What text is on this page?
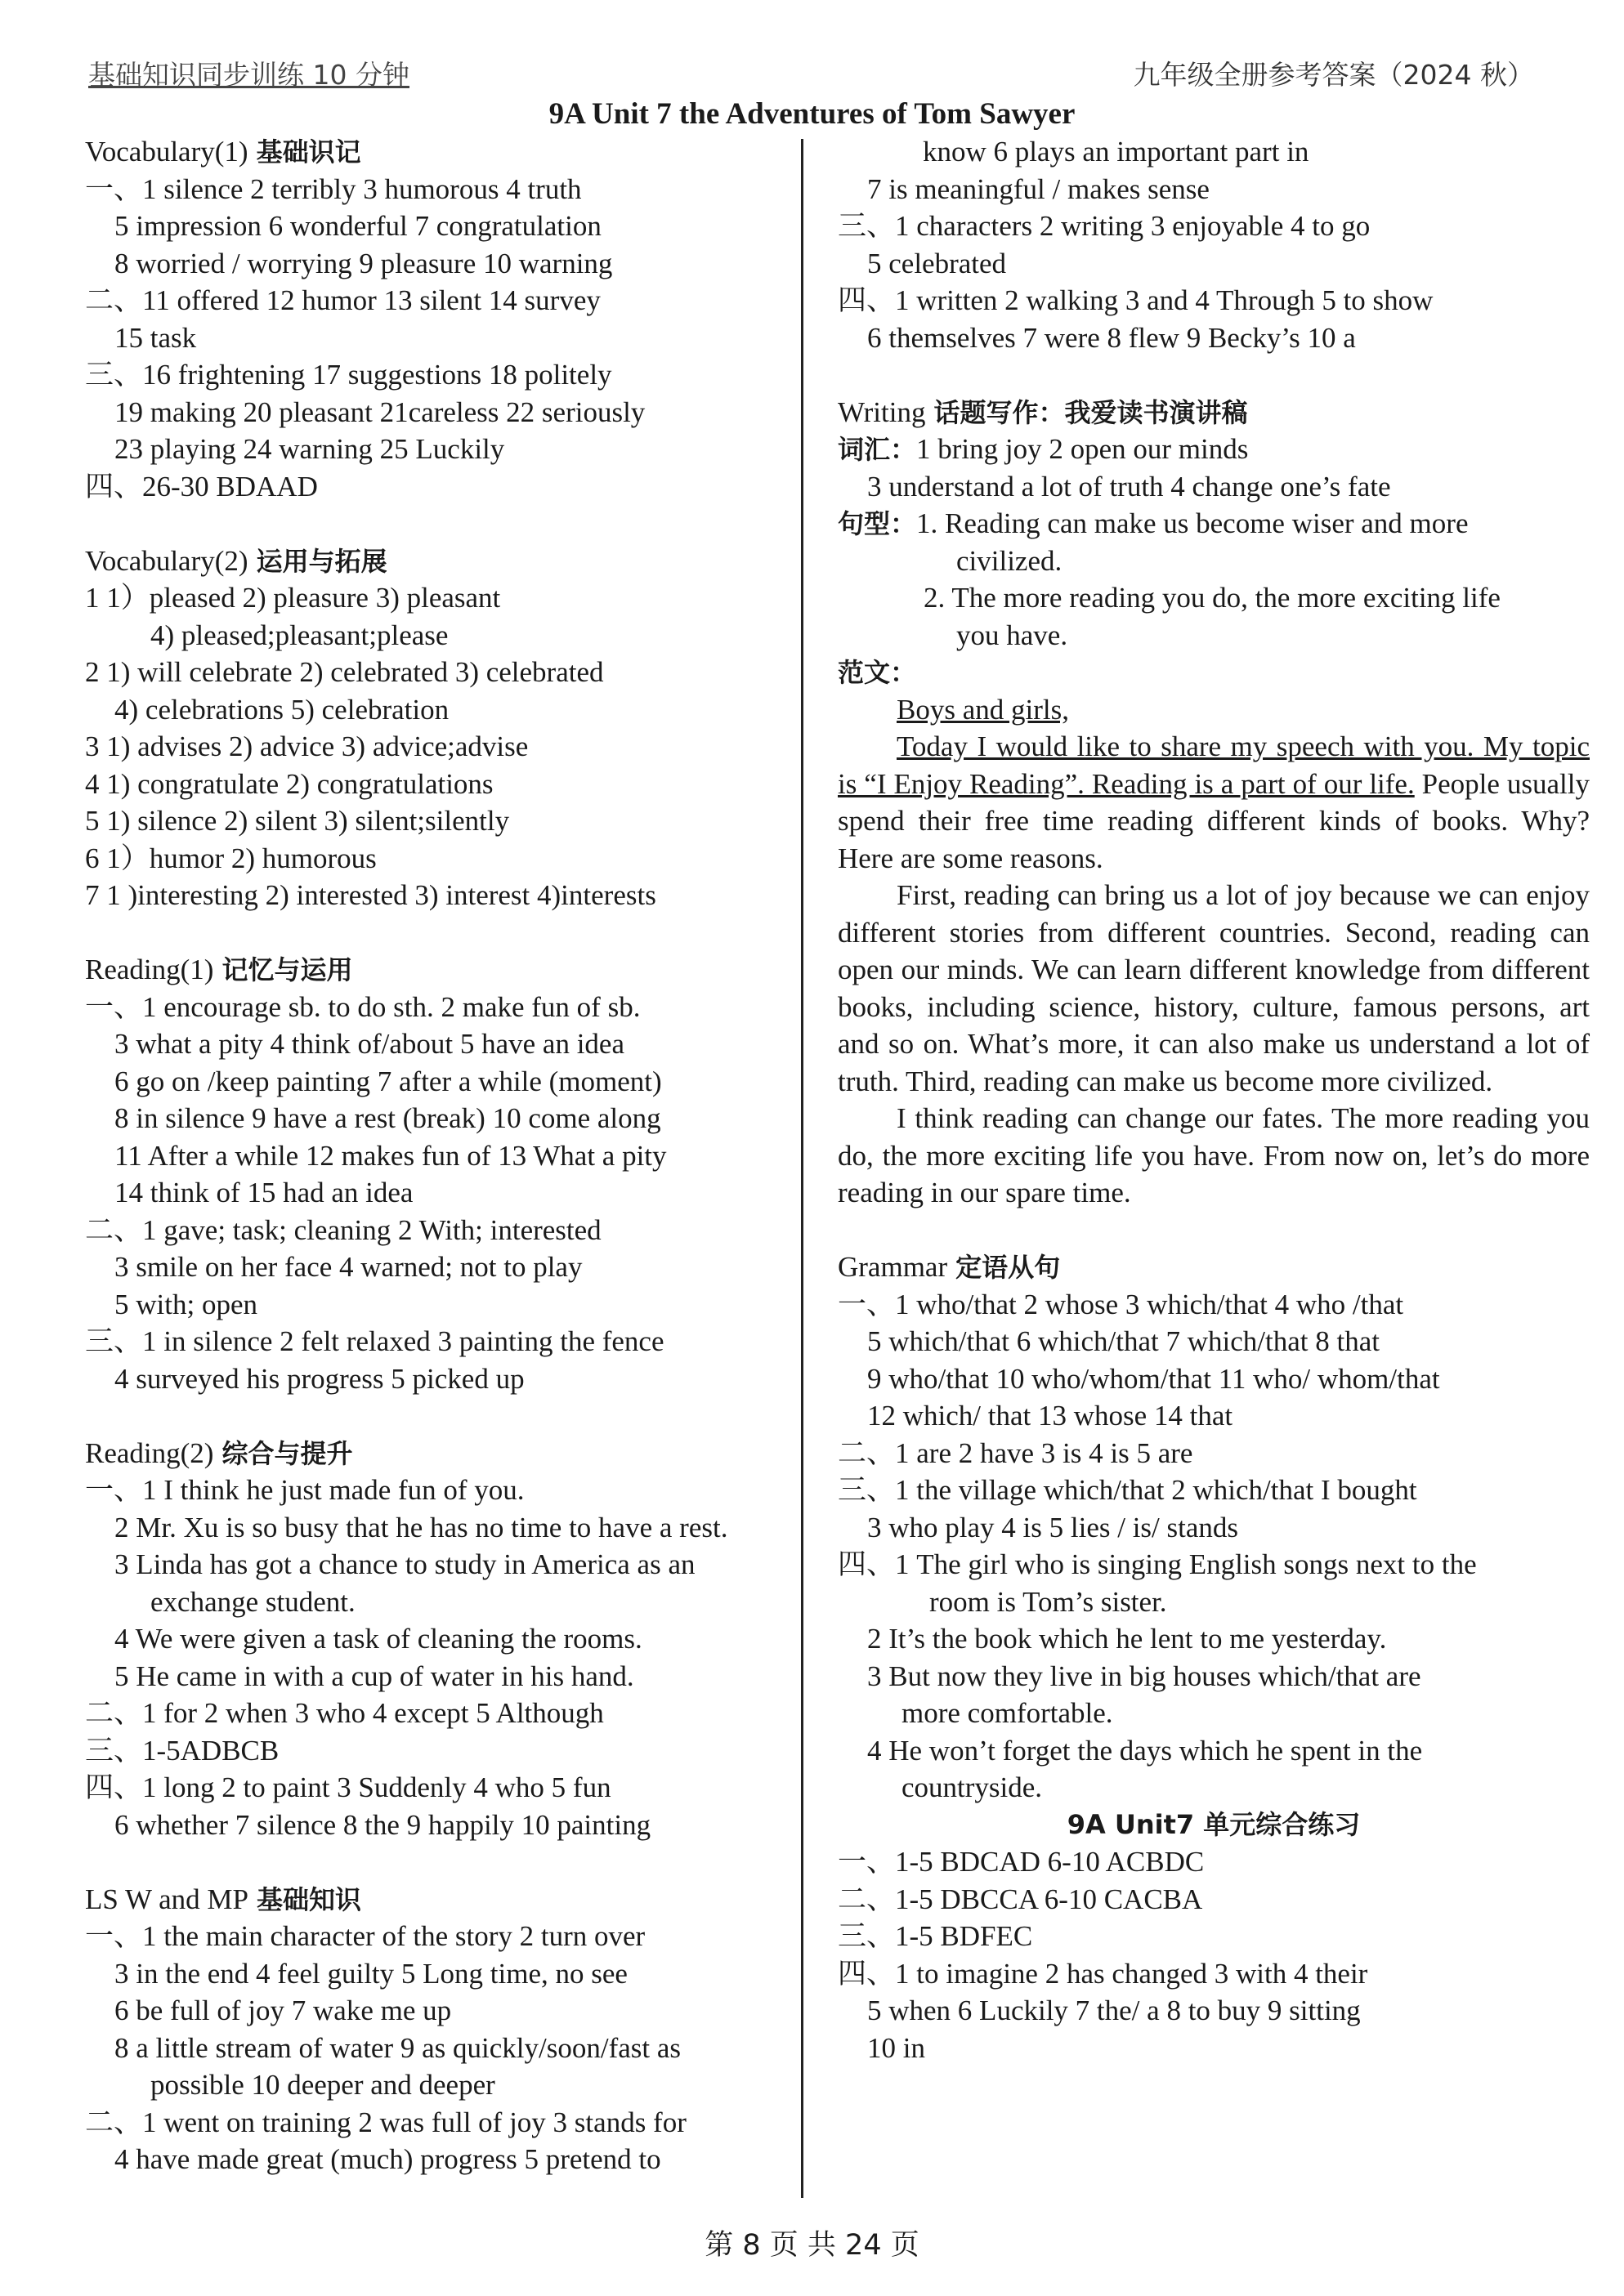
基础知识同步训练 10 分钟	九年级全册参考答案（2024 秋）
9A Unit 7 the Adventures of Tom Sawyer
Vocabulary(1) 基础识记
一、1 silence 2 terribly 3 humorous 4 truth
5 impression 6 wonderful 7 congratulation
8 worried / worrying 9 pleasure 10 warning
二、11 offered 12 humor 13 silent 14 survey
15 task
三、16 frightening 17 suggestions 18 politely
19 making 20 pleasant 21careless 22 seriously
23 playing 24 warning 25 Luckily
四、26-30 BDAAD
Vocabulary(2) 运用与拓展
1 1）pleased 2) pleasure 3) pleasant
4) pleased;pleasant;please
2 1) will celebrate 2) celebrated 3) celebrated
4) celebrations 5) celebration
3 1) advises 2) advice 3) advice;advise
4 1) congratulate 2) congratulations
5 1) silence 2) silent 3) silent;silently
6 1）humor 2) humorous
7 1 )interesting 2) interested 3) interest 4)interests
Reading(1) 记忆与运用
一、1 encourage sb. to do sth. 2 make fun of sb.
3 what a pity 4 think of/about 5 have an idea
6 go on /keep painting 7 after a while (moment)
8 in silence 9 have a rest (break) 10 come along
11 After a while 12 makes fun of 13 What a pity
14 think of 15 had an idea
二、1 gave; task; cleaning 2 With; interested
3 smile on her face 4 warned; not to play
5 with; open
三、1 in silence 2 felt relaxed 3 painting the fence
4 surveyed his progress 5 picked up
Reading(2) 综合与提升
一、1 I think he just made fun of you.
2 Mr. Xu is so busy that he has no time to have a rest.
3 Linda has got a chance to study in America as an
exchange student.
4 We were given a task of cleaning the rooms.
5 He came in with a cup of water in his hand.
二、1 for 2 when 3 who 4 except 5 Although
三、1-5ADBCB
四、1 long 2 to paint 3 Suddenly 4 who 5 fun
6 whether 7 silence 8 the 9 happily 10 painting
LS W and MP 基础知识
一、1 the main character of the story 2 turn over
3 in the end 4 feel guilty 5 Long time, no see
6 be full of joy 7 wake me up
8 a little stream of water 9 as quickly/soon/fast as
possible 10 deeper and deeper
二、1 went on training 2 was full of joy 3 stands for
4 have made great (much) progress 5 pretend to
know 6 plays an important part in
7 is meaningful / makes sense
三、1 characters 2 writing 3 enjoyable 4 to go
5 celebrated
四、1 written 2 walking 3 and 4 Through 5 to show
6 themselves 7 were 8 flew 9 Becky’s 10 a
Writing 话题写作：我爱读书演讲稿
词汇：1 bring joy 2 open our minds
3 understand a lot of truth 4 change one’s fate
句型：1. Reading can make us become wiser and more
civilized.
2. The more reading you do, the more exciting life
you have.
范文：
Boys and girls,
Today I would like to share my speech with you. My topic is “I Enjoy Reading”. Reading is a part of our life. People usually spend their free time reading different kinds of books. Why? Here are some reasons.
First, reading can bring us a lot of joy because we can enjoy different stories from different countries. Second, reading can open our minds. We can learn different knowledge from different books, including science, history, culture, famous persons, art and so on. What’s more, it can also make us understand a lot of truth. Third, reading can make us become more civilized.
I think reading can change our fates. The more reading you do, the more exciting life you have. From now on, let’s do more reading in our spare time.
Grammar 定语从句
一、1 who/that 2 whose 3 which/that 4 who /that
5 which/that 6 which/that 7 which/that 8 that
9 who/that 10 who/whom/that 11 who/ whom/that
12 which/ that 13 whose 14 that
二、1 are 2 have 3 is 4 is 5 are
三、1 the village which/that 2 which/that I bought
3 who play 4 is 5 lies / is/ stands
四、1 The girl who is singing English songs next to the
room is Tom’s sister.
2 It’s the book which he lent to me yesterday.
3 But now they live in big houses which/that are
more comfortable.
4 He won’t forget the days which he spent in the
countryside.
9A Unit7 单元综合练习
一、1-5 BDCAD 6-10 ACBDC
二、1-5 DBCCA 6-10 CACBA
三、1-5 BDFEC
四、1 to imagine 2 has changed 3 with 4 their
5 when 6 Luckily 7 the/ a 8 to buy 9 sitting
10 in
第 8 页 共 24 页
